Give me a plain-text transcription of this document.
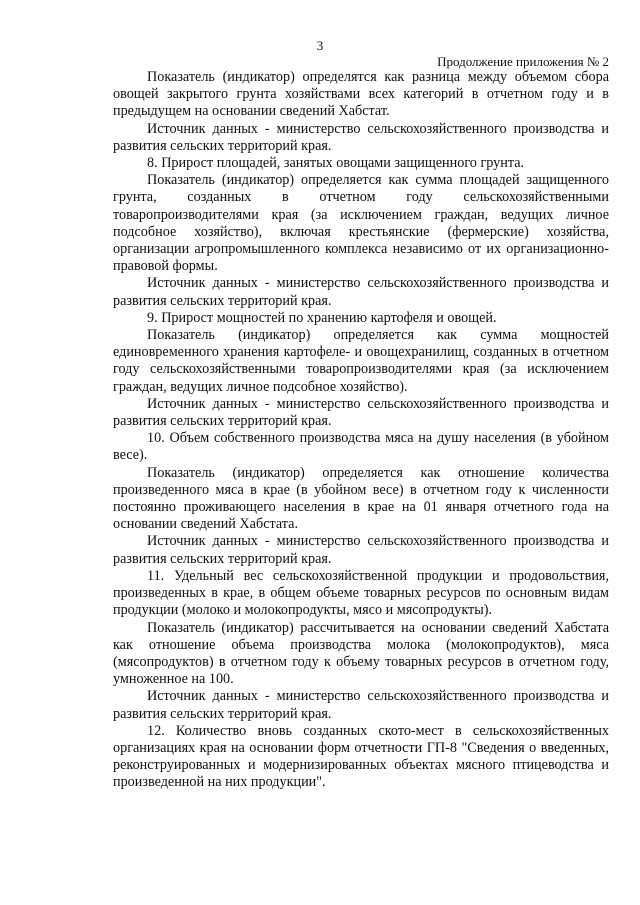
3
Продолжение приложения № 2

Показатель (индикатор) определятся как разница между объемом сбора овощей закрытого грунта хозяйствами всех категорий в отчетном году и в предыдущем на основании сведений Хабстат.

Источник данных - министерство сельскохозяйственного производства и развития сельских территорий края.

8. Прирост площадей, занятых овощами защищенного грунта.

Показатель (индикатор) определяется как сумма площадей защищенного грунта, созданных в отчетном году сельскохозяйственными товаропроизводителями края (за исключением граждан, ведущих личное подсобное хозяйство), включая крестьянские (фермерские) хозяйства, организации агропромышленного комплекса независимо от их организационно-правовой формы.

Источник данных - министерство сельскохозяйственного производства и развития сельских территорий края.

9. Прирост мощностей по хранению картофеля и овощей.

Показатель (индикатор) определяется как сумма мощностей единовременного хранения картофеле- и овощехранилищ, созданных в отчетном году сельскохозяйственными товаропроизводителями края (за исключением граждан, ведущих личное подсобное хозяйство).

Источник данных - министерство сельскохозяйственного производства и развития сельских территорий края.

10. Объем собственного производства мяса на душу населения (в убойном весе).

Показатель (индикатор) определяется как отношение количества произведенного мяса в крае (в убойном весе) в отчетном году к численности постоянно проживающего населения в крае на 01 января отчетного года на основании сведений Хабстата.

Источник данных - министерство сельскохозяйственного производства и развития сельских территорий края.

11. Удельный вес сельскохозяйственной продукции и продовольствия, произведенных в крае, в общем объеме товарных ресурсов по основным видам продукции (молоко и молокопродукты, мясо и мясопродукты).

Показатель (индикатор) рассчитывается на основании сведений Хабстата как отношение объема производства молока (молокопродуктов), мяса (мясопродуктов) в отчетном году к объему товарных ресурсов в отчетном году, умноженное на 100.

Источник данных - министерство сельскохозяйственного производства и развития сельских территорий края.

12. Количество вновь созданных ското-мест в сельскохозяйственных организациях края на основании форм отчетности ГП-8 "Сведения о введенных, реконструированных и модернизированных объектах мясного птицеводства и произведенной на них продукции".
